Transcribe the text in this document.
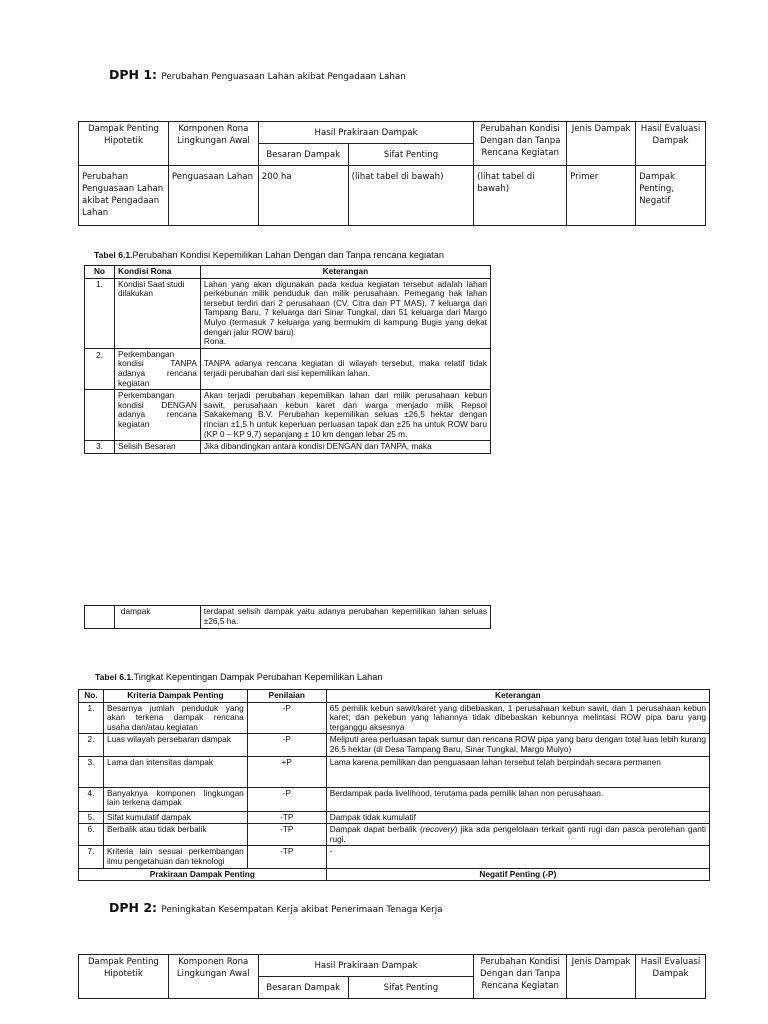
DPH 1: Perubahan Penguasaan Lahan akibat Pengadaan Lahan
Dampak Penting Hipotetik	Komponen Rona Lingkungan Awal	Hasil Prakiraan Dampak		Perubahan Kondisi Dengan dan Tanpa Rencana Kegiatan	Jenis Dampak	Hasil Evaluasi Dampak
		Besaran Dampak	Sifat Penting			
Perubahan Penguasaan Lahan akibat Pengadaan Lahan	Penguasaan Lahan	200 ha	(lihat tabel di bawah)	(lihat tabel di bawah)	Primer	Dampak Penting, Negatif
Tabel 6.1.Perubahan Kondisi Kepemilikan Lahan Dengan dan Tanpa rencana kegiatan
No	Kondisi Rona	Keterangan
1.	Kondisi Saat studi dilakukan	Lahan yang akan digunakan pada kedua kegiatan tersebut adalah lahan perkebunan milik penduduk dan milik perusahaan. Pemegang hak lahan tersebut terdiri dari 2 perusahaan (CV. Citra dan PT MAS), 7 keluarga dari Tampang Baru, 7 keluarga dari Sinar Tungkal, dan 51 keluarga dari Margo Mulyo (termasuk 7 keluarga yang bermukim di kampung Bugis yang dekat dengan jalur ROW baru).
Rona.

2.	Perkembangan kondisi TANPA adanya rencana kegiatan	TANPA adanya rencana kegiatan di wilayah tersebut, maka relatif tidak terjadi perubahan dari sisi kepemilikan lahan.
	Perkembangan kondisi DENGAN adanya rencana kegiatan	Akan terjadi perubahan kepemilikan lahan dari milik perusahaan kebun sawit, perusahaan kebun karet dan warga menjado milik Repsol Sakakemang B.V. Perubahan kepemilikan seluas ±26,5 hektar dengan rincian ±1,5 h untuk keperluan perluasan tapak dan ±25 ha untuk ROW baru (KP 0 – KP 9,7) sepanjang ± 10 km dengan lebar 25 m.
3.	Selisih Besaran	Jika dibandingkan antara kondisi DENGAN dan TANPA, maka
	dampak	terdapat selisih dampak yaitu adanya perubahan kepemilikan lahan seluas ±26,5 ha.
Tabel 6.1.Tingkat Kepentingan Dampak Perubahan Kepemilikan Lahan
No.	Kriteria Dampak Penting	Penilaian	Keterangan
1.	Besarnya jumlah penduduk yang akan terkena dampak rencana usaha dan/atau kegiatan	-P	65 pemilik kebun sawit/karet yang dibebaskan, 1 perusahaan kebun sawit, dan 1 perusahaan kebun karet; dan pekebun yang lahannya tidak dibebaskan kebunnya melintasi ROW pipa baru yang terganggu aksesnya
2.	Luas wilayah persebaran dampak	-P	Meliputi area perluasan tapak sumur dan rencana ROW pipa yang baru dengan total luas lebih kurang 26,5 hektar (di Desa Tampang Baru, Sinar Tungkal, Margo Mulyo)
3.	Lama dan intensitas dampak	+P	Lama karena pemilikan dan penguasaan lahan tersebut telah berpindah secara permanen
4.	Banyaknya komponen lingkungan lain terkena dampak	-P	Berdampak pada livelihood, terutama pada pemilik lahan non perusahaan.
5.	Sifat kumulatif dampak	-TP	Dampak tidak kumulatif
6.	Berbalik atau tidak berbalik	-TP	Dampak dapat berbalik (recovery) jika ada pengelolaan terkait ganti rugi dan pasca perolehan ganti rugi.
7.	Kriteria lain sesuai perkembangan ilmu pengetahuan dan teknologi	-TP	-
Prakiraan Dampak Penting			Negatif Penting (-P)
DPH 2: Peningkatan Kesempatan Kerja akibat Penerimaan Tenaga Kerja
Dampak Penting Hipotetik	Komponen Rona Lingkungan Awal	Hasil Prakiraan Dampak		Perubahan Kondisi Dengan dan Tanpa Rencana Kegiatan	Jenis Dampak	Hasil Evaluasi Dampak
		Besaran Dampak	Sifat Penting			
